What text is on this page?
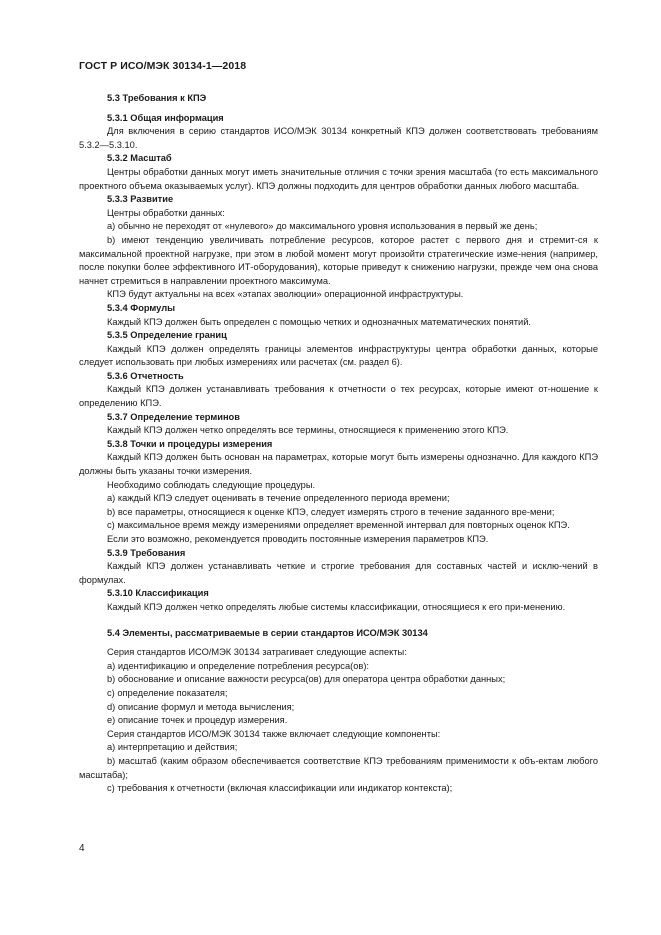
ГОСТ Р ИСО/МЭК 30134-1—2018
5.3 Требования к КПЭ
5.3.1 Общая информация
Для включения в серию стандартов ИСО/МЭК 30134 конкретный КПЭ должен соответствовать требованиям 5.3.2—5.3.10.
5.3.2 Масштаб
Центры обработки данных могут иметь значительные отличия с точки зрения масштаба (то есть максимального проектного объема оказываемых услуг). КПЭ должны подходить для центров обработки данных любого масштаба.
5.3.3 Развитие
Центры обработки данных:
а) обычно не переходят от «нулевого» до максимального уровня использования в первый же день;
b) имеют тенденцию увеличивать потребление ресурсов, которое растет с первого дня и стремит-ся к максимальной проектной нагрузке, при этом в любой момент могут произойти стратегические изме-нения (например, после покупки более эффективного ИТ-оборудования), которые приведут к снижению нагрузки, прежде чем она снова начнет стремиться в направлении проектного максимума.
КПЭ будут актуальны на всех «этапах эволюции» операционной инфраструктуры.
5.3.4 Формулы
Каждый КПЭ должен быть определен с помощью четких и однозначных математических понятий.
5.3.5 Определение границ
Каждый КПЭ должен определять границы элементов инфраструктуры центра обработки данных, которые следует использовать при любых измерениях или расчетах (см. раздел 6).
5.3.6 Отчетность
Каждый КПЭ должен устанавливать требования к отчетности о тех ресурсах, которые имеют от-ношение к определению КПЭ.
5.3.7 Определение терминов
Каждый КПЭ должен четко определять все термины, относящиеся к применению этого КПЭ.
5.3.8 Точки и процедуры измерения
Каждый КПЭ должен быть основан на параметрах, которые могут быть измерены однозначно. Для каждого КПЭ должны быть указаны точки измерения.
Необходимо соблюдать следующие процедуры.
а) каждый КПЭ следует оценивать в течение определенного периода времени;
b) все параметры, относящиеся к оценке КПЭ, следует измерять строго в течение заданного вре-мени;
с) максимальное время между измерениями определяет временной интервал для повторных оценок КПЭ.
Если это возможно, рекомендуется проводить постоянные измерения параметров КПЭ.
5.3.9 Требования
Каждый КПЭ должен устанавливать четкие и строгие требования для составных частей и исклю-чений в формулах.
5.3.10 Классификация
Каждый КПЭ должен четко определять любые системы классификации, относящиеся к его при-менению.
5.4 Элементы, рассматриваемые в серии стандартов ИСО/МЭК 30134
Серия стандартов ИСО/МЭК 30134 затрагивает следующие аспекты:
а) идентификацию и определение потребления ресурса(ов):
b) обоснование и описание важности ресурса(ов) для оператора центра обработки данных;
с) определение показателя;
d) описание формул и метода вычисления;
е) описание точек и процедур измерения.
Серия стандартов ИСО/МЭК 30134 также включает следующие компоненты:
а) интерпретацию и действия;
b) масштаб (каким образом обеспечивается соответствие КПЭ требованиям применимости к объ-ектам любого масштаба);
с) требования к отчетности (включая классификации или индикатор контекста);
4
